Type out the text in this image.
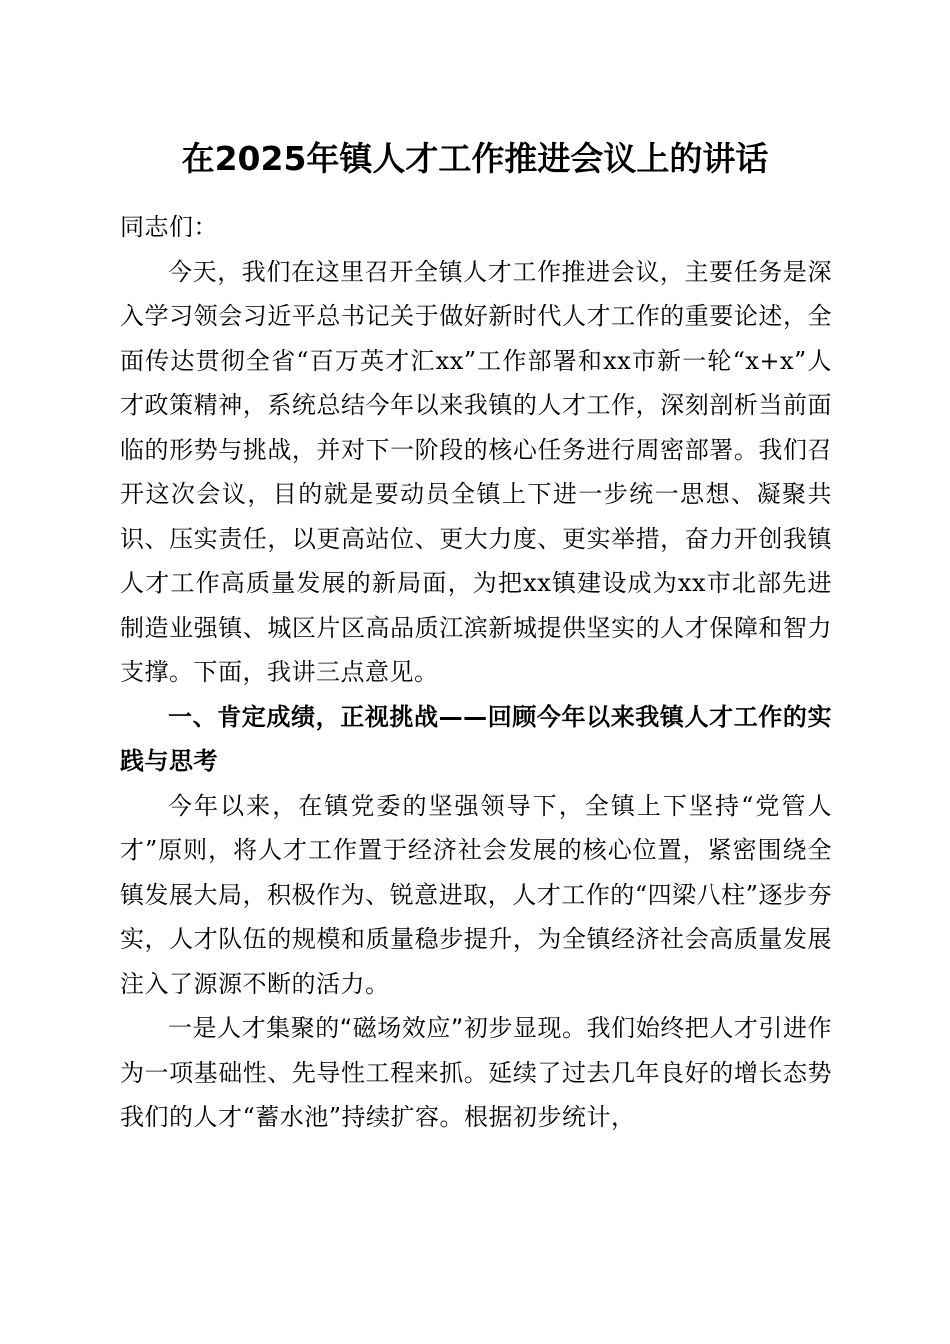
在2025年镇人才工作推进会议上的讲话

同志们：

今天，我们在这里召开全镇人才工作推进会议，主要任务是深入学习领会习近平总书记关于做好新时代人才工作的重要论述，全面传达贯彻全省“百万英才汇xx”工作部署和xx市新一轮“x+x”人才政策精神，系统总结今年以来我镇的人才工作，深刻剖析当前面临的形势与挑战，并对下一阶段的核心任务进行周密部署。我们召开这次会议，目的就是要动员全镇上下进一步统一思想、凝聚共识、压实责任，以更高站位、更大力度、更实举措，奋力开创我镇人才工作高质量发展的新局面，为把xx镇建设成为xx市北部先进制造业强镇、城区片区高品质江滨新城提供坚实的人才保障和智力支撑。下面，我讲三点意见。

一、肯定成绩，正视挑战——回顾今年以来我镇人才工作的实践与思考

今年以来，在镇党委的坚强领导下，全镇上下坚持“党管人才”原则，将人才工作置于经济社会发展的核心位置，紧密围绕全镇发展大局，积极作为、锐意进取，人才工作的“四梁八柱”逐步夯实，人才队伍的规模和质量稳步提升，为全镇经济社会高质量发展注入了源源不断的活力。

一是人才集聚的“磁场效应”初步显现。我们始终把人才引进作为一项基础性、先导性工程来抓。延续了过去几年良好的增长态势我们的人才“蓄水池”持续扩容。根据初步统计，
